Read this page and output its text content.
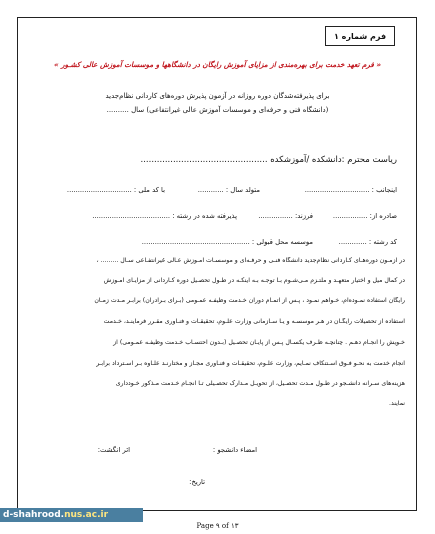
فرم شماره ۱
« فرم تعهد خدمت برای بهره‌مندی از مزایای آموزش رایگان در دانشگاهها و موسسات آموزش عالی کشـور »
برای پذیرفته‌شدگان دوره روزانه در آزمون پذیرش دوره‌های کاردانی نظام‌جدید
(دانشگاه فنی و حرفه‌ای و موسسات آموزش عالی غیرانتفاعی) سال ..........
ریاست محترم :دانشکده /آموزشکده ...............................................
اینجانب : ..............................
متولد سال : ............
با کد ملی : ..............................
صادره از: ................
فرزند: ................
پذیرفته شده در رشته : ....................................
کد رشته : .............
موسسه محل قبولی : ..................................................
در آزمـون دوره‌هـای کـاردانی نظام‌جدید دانشگاه فنـی و حرفـه‌ای و موسسـات آمـوزش عـالی غیرانتفـاعی سـال ......... ،
در کمال میل و اختیار متعهـد و ملتـزم مـی‌شـوم بـا توجـه بـه اینکـه در طـول تحصـیل دوره کـاردانی از مزایـای آمـوزش
رایگان استفاده نمـوده‌ام، خـواهم نمـود ، پـس از اتمـام دوران خـدمت وظیفـه عمـومی (بـرای بـرادران) برابـر مـدت زمـان
استفاده از تحصیلات رایگـان در هـر موسسـه و یـا سـازمانی وزارت علـوم، تحقیقـات و فنـاوری مقـرر فرماینـد، خـدمت
خـویش را انجـام دهـم . چنانچـه ظـرف یکسـال پـس از پایـان تحصـیل (بـدون احتسـاب خـدمت وظیفـه عمـومی) از
انجام خدمت به نحـو فـوق اسـتنکاف نمـایم، وزارت علـوم، تحقیقـات و فنـاوری مجـاز و مختارنـد علـاوه بـر اسـترداد برابـر
هزینه‌های سـرانه دانشـجو در طـول مـدت تحصـیل، از تحویـل مـدارک تحصـیلی تـا انجـام خـدمت مـذکور خـودداری
نمایند.
امضاء دانشجو :
اثر انگشت:
تاریخ:
d-shahrood. nus.ac.ir
Page ۹ of ۱۳
